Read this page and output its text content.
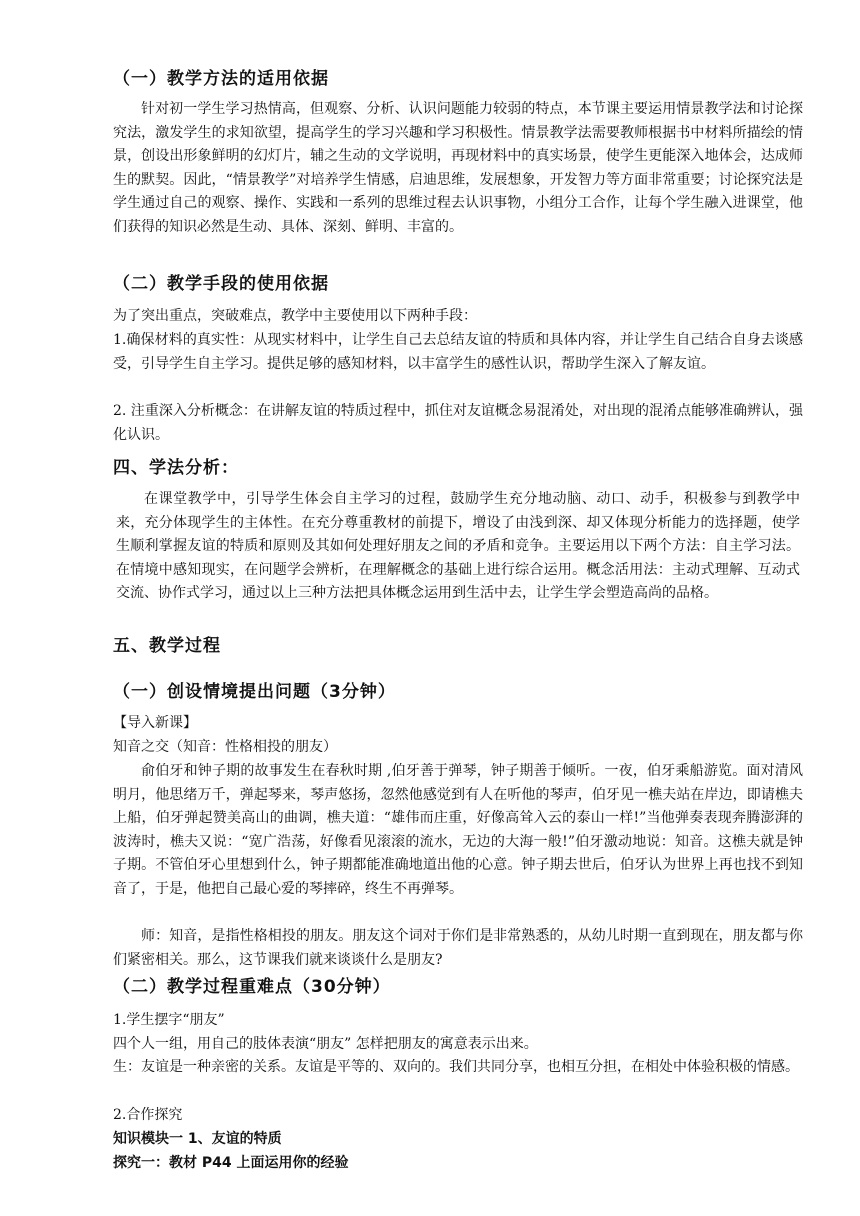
（一）教学方法的适用依据

针对初一学生学习热情高，但观察、分析、认识问题能力较弱的特点，本节课主要运用情景教学法和讨论探究法，激发学生的求知欲望，提高学生的学习兴趣和学习积极性。情景教学法需要教师根据书中材料所描绘的情景，创设出形象鲜明的幻灯片，辅之生动的文学说明，再现材料中的真实场景，使学生更能深入地体会，达成师生的默契。因此，“情景教学”对培养学生情感，启迪思维，发展想象，开发智力等方面非常重要；讨论探究法是学生通过自己的观察、操作、实践和一系列的思维过程去认识事物，小组分工合作，让每个学生融入进课堂，他们获得的知识必然是生动、具体、深刻、鲜明、丰富的。

（二）教学手段的使用依据

为了突出重点，突破难点，教学中主要使用以下两种手段：

1.确保材料的真实性：从现实材料中，让学生自己去总结友谊的特质和具体内容，并让学生自己结合自身去谈感受，引导学生自主学习。提供足够的感知材料，以丰富学生的感性认识，帮助学生深入了解友谊。

2. 注重深入分析概念：在讲解友谊的特质过程中，抓住对友谊概念易混淆处，对出现的混淆点能够准确辨认，强化认识。

四、学法分析：

在课堂教学中，引导学生体会自主学习的过程，鼓励学生充分地动脑、动口、动手，积极参与到教学中来，充分体现学生的主体性。在充分尊重教材的前提下，增设了由浅到深、却又体现分析能力的选择题，使学生顺利掌握友谊的特质和原则及其如何处理好朋友之间的矛盾和竞争。主要运用以下两个方法：自主学习法。在情境中感知现实，在问题学会辨析，在理解概念的基础上进行综合运用。概念活用法：主动式理解、互动式交流、协作式学习，通过以上三种方法把具体概念运用到生活中去，让学生学会塑造高尚的品格。

五、教学过程
（一）创设情境提出问题（3分钟）

【导入新课】

知音之交（知音：性格相投的朋友）

俞伯牙和钟子期的故事发生在春秋时期 ,伯牙善于弹琴，钟子期善于倾听。一夜，伯牙乘船游览。面对清风明月，他思绪万千，弹起琴来，琴声悠扬，忽然他感觉到有人在听他的琴声，伯牙见一樵夫站在岸边，即请樵夫上船，伯牙弹起赞美高山的曲调，樵夫道：“雄伟而庄重，好像高耸入云的泰山一样!”当他弹奏表现奔腾澎湃的波涛时，樵夫又说：“宽广浩荡，好像看见滚滚的流水，无边的大海一般!”伯牙激动地说：知音。这樵夫就是钟子期。不管伯牙心里想到什么，钟子期都能准确地道出他的心意。钟子期去世后，伯牙认为世界上再也找不到知音了，于是，他把自己最心爱的琴摔碎，终生不再弹琴。

师：知音，是指性格相投的朋友。朋友这个词对于你们是非常熟悉的，从幼儿时期一直到现在，朋友都与你们紧密相关。那么，这节课我们就来谈谈什么是朋友?

（二）教学过程重难点（30分钟）

1.学生摆字“朋友”

四个人一组，用自己的肢体表演“朋友” 怎样把朋友的寓意表示出来。

生：友谊是一种亲密的关系。友谊是平等的、双向的。我们共同分享，也相互分担，在相处中体验积极的情感。

2.合作探究

知识模块一 1、友谊的特质

探究一：教材 P44 上面运用你的经验
